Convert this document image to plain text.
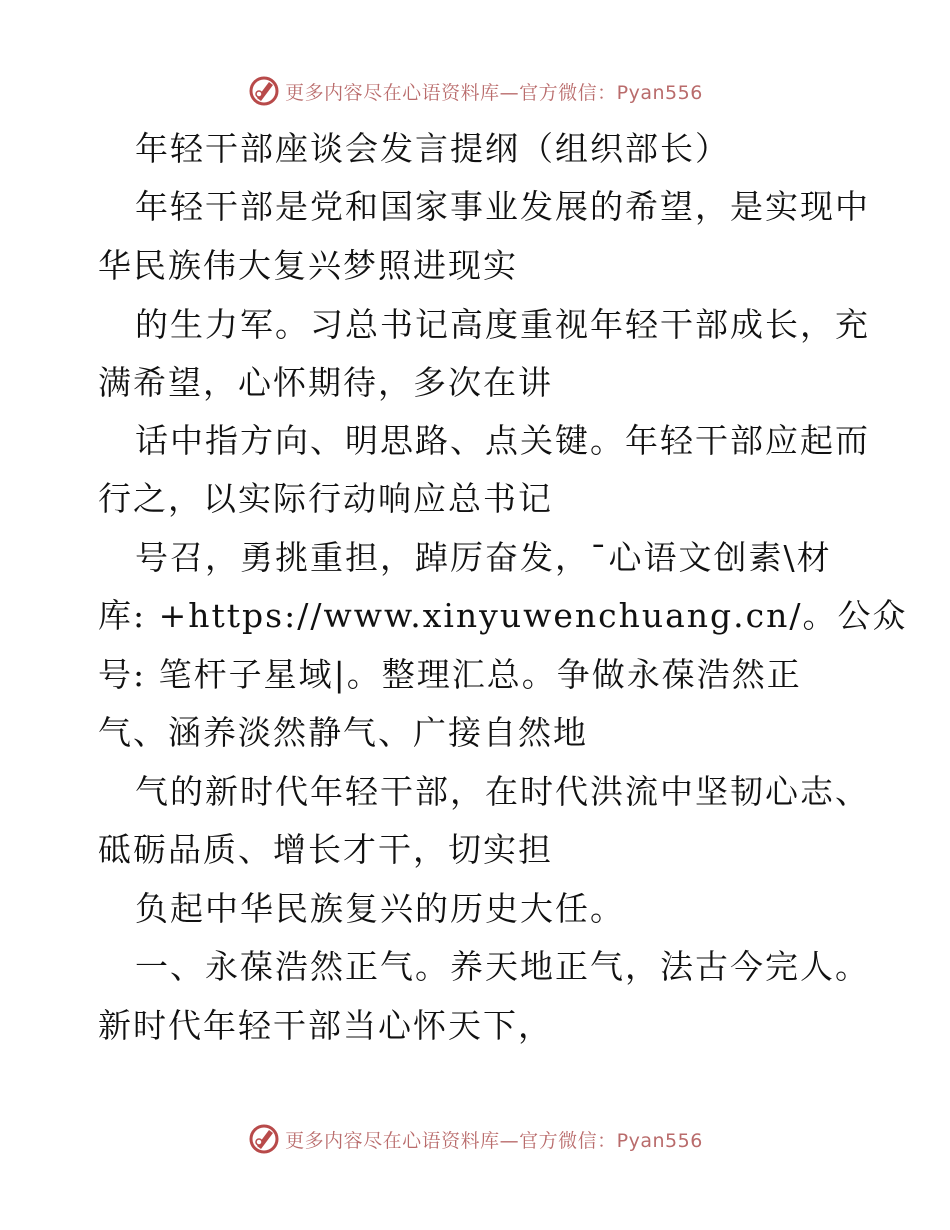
更多内容尽在心语资料库—官方微信：Pyan556
年轻干部座谈会发言提纲（组织部长）
年轻干部是党和国家事业发展的希望，是实现中
华民族伟大复兴梦照进现实
的生力军。习总书记高度重视年轻干部成长，充
满希望，心怀期待，多次在讲
话中指方向、明思路、点关键。年轻干部应起而
行之，以实际行动响应总书记
号召，勇挑重担，踔厉奋发，¯心语文创素\材
库: +https://www.xinyuwenchuang.cn/。公众
号: 笔杆子星域|。整理汇总。争做永葆浩然正
气、涵养淡然静气、广接自然地
气的新时代年轻干部，在时代洪流中坚韧心志、
砥砺品质、增长才干，切实担
负起中华民族复兴的历史大任。
一、永葆浩然正气。养天地正气，法古今完人。
新时代年轻干部当心怀天下，
更多内容尽在心语资料库—官方微信：Pyan556
